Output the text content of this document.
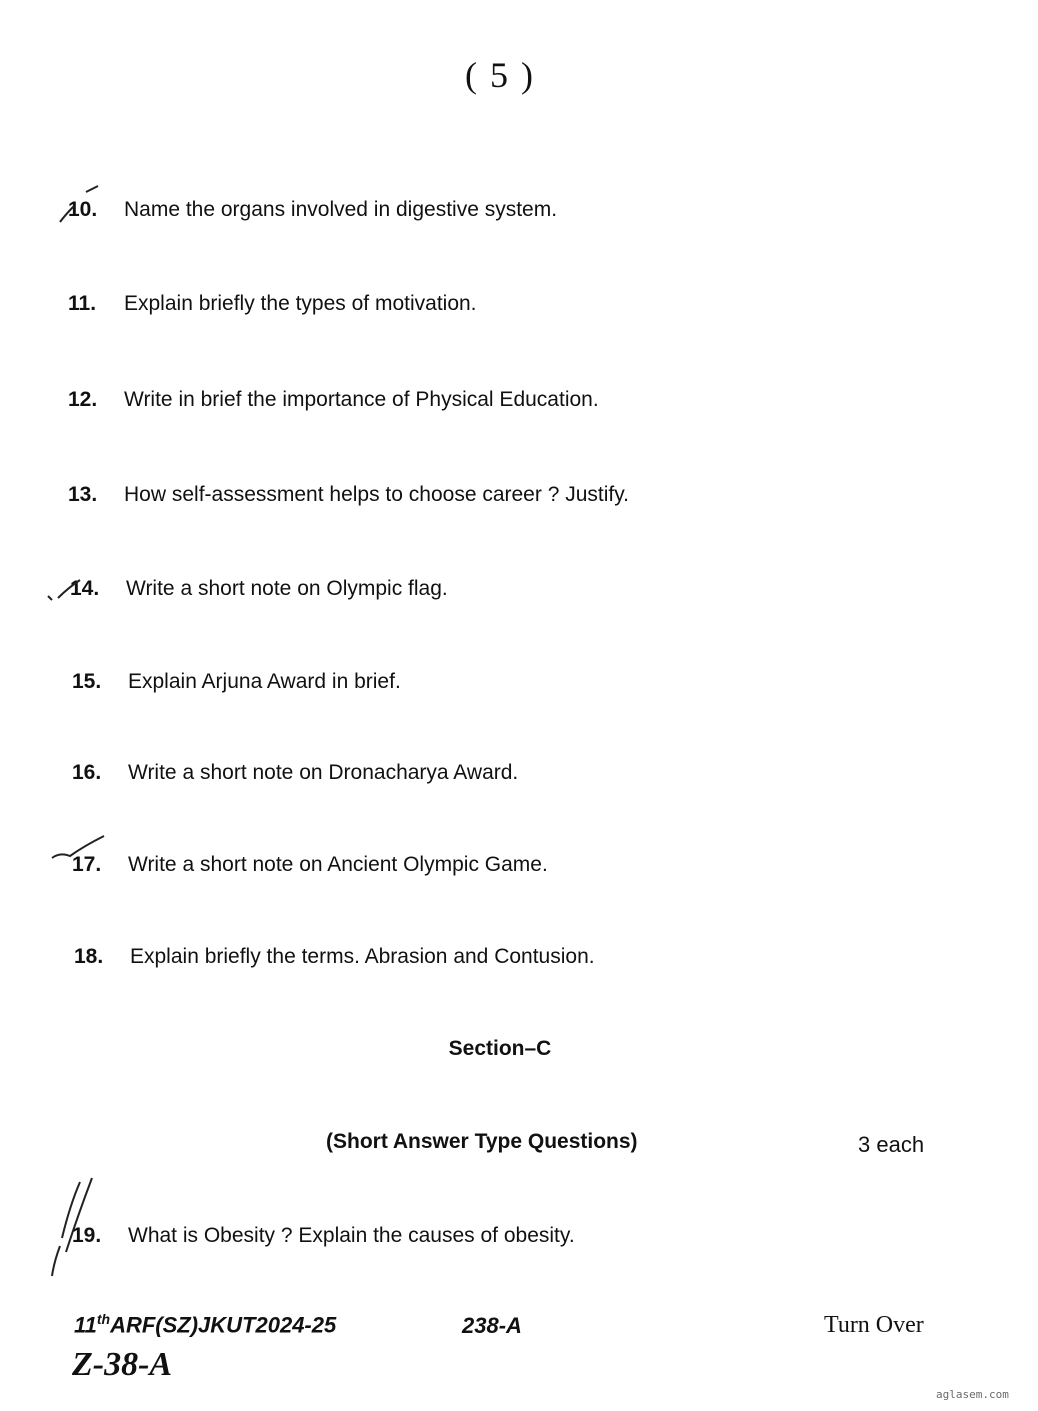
( 5 )
10. Name the organs involved in digestive system.
11. Explain briefly the types of motivation.
12. Write in brief the importance of Physical Education.
13. How self-assessment helps to choose career ? Justify.
14. Write a short note on Olympic flag.
15. Explain Arjuna Award in brief.
16. Write a short note on Dronacharya Award.
17. Write a short note on Ancient Olympic Game.
18. Explain briefly the terms. Abrasion and Contusion.
Section–C
(Short Answer Type Questions)	3 each
19. What is Obesity ? Explain the causes of obesity.
11thARF(SZ)JKUT2024-25	238-A	Turn Over
Z-38-A
aglasem.com
